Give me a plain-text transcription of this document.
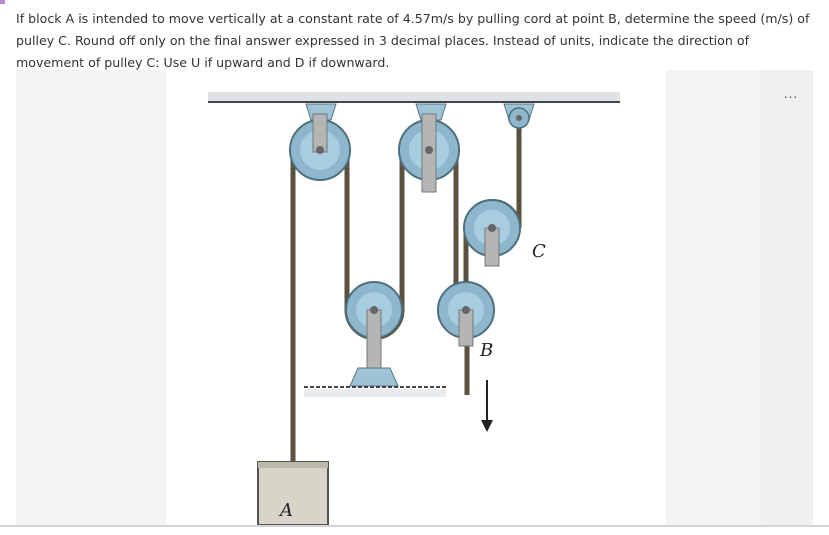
If block A is intended to move vertically at a constant rate of 4.57m/s by pulling cord at point B, determine the speed (m/s) of pulley C. Round off only on the final answer expressed in 3 decimal places. Instead of units, indicate the direction of movement of pulley C: Use U if upward and D if downward.
...
A
B
C
